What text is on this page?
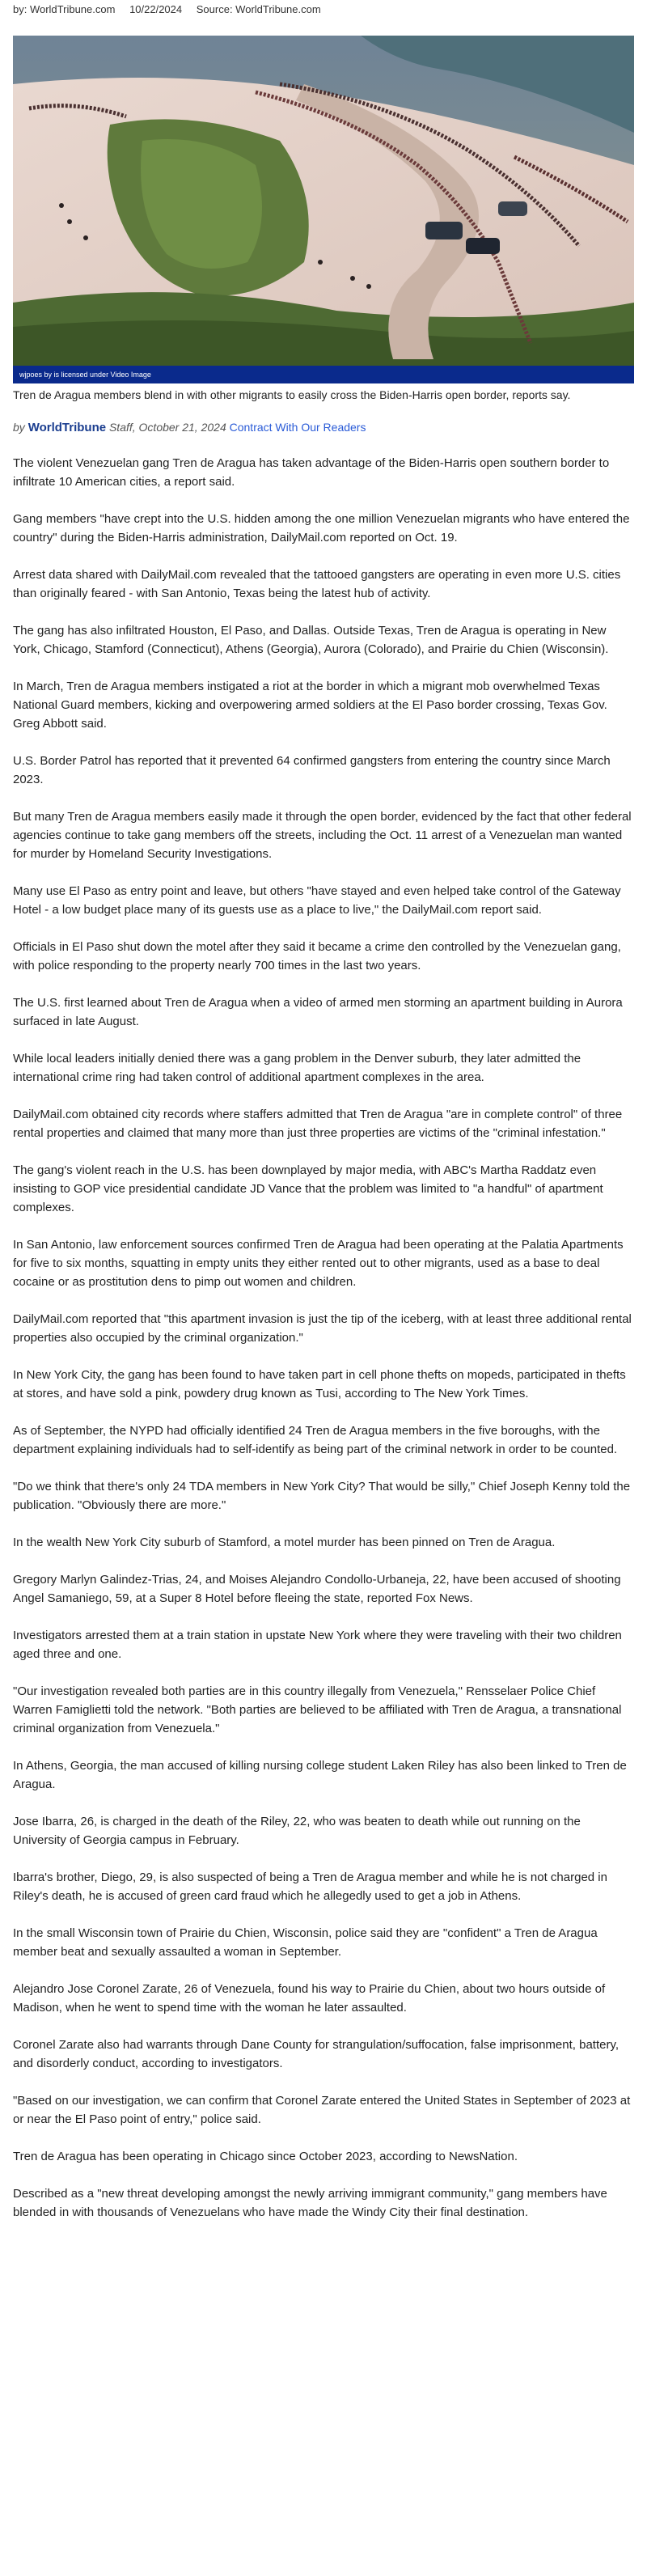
by: WorldTribune.com 10/22/2024 Source: WorldTribune.com
wjpoes by is licensed under Video Image
Tren de Aragua members blend in with other migrants to easily cross the Biden-Harris open border, reports say.
by WorldTribune Staff, October 21, 2024 Contract With Our Readers

The violent Venezuelan gang Tren de Aragua has taken advantage of the Biden-Harris open southern border to infiltrate 10 American cities, a report said.

Gang members "have crept into the U.S. hidden among the one million Venezuelan migrants who have entered the country" during the Biden-Harris administration, DailyMail.com reported on Oct. 19.

Arrest data shared with DailyMail.com revealed that the tattooed gangsters are operating in even more U.S. cities than originally feared - with San Antonio, Texas being the latest hub of activity.

The gang has also infiltrated Houston, El Paso, and Dallas. Outside Texas, Tren de Aragua is operating in New York, Chicago, Stamford (Connecticut), Athens (Georgia), Aurora (Colorado), and Prairie du Chien (Wisconsin).

In March, Tren de Aragua members instigated a riot at the border in which a migrant mob overwhelmed Texas National Guard members, kicking and overpowering armed soldiers at the El Paso border crossing, Texas Gov. Greg Abbott said.

U.S. Border Patrol has reported that it prevented 64 confirmed gangsters from entering the country since March 2023.

But many Tren de Aragua members easily made it through the open border, evidenced by the fact that other federal agencies continue to take gang members off the streets, including the Oct. 11 arrest of a Venezuelan man wanted for murder by Homeland Security Investigations.

Many use El Paso as entry point and leave, but others "have stayed and even helped take control of the Gateway Hotel - a low budget place many of its guests use as a place to live," the DailyMail.com report said.

Officials in El Paso shut down the motel after they said it became a crime den controlled by the Venezuelan gang, with police responding to the property nearly 700 times in the last two years.

The U.S. first learned about Tren de Aragua when a video of armed men storming an apartment building in Aurora surfaced in late August.

While local leaders initially denied there was a gang problem in the Denver suburb, they later admitted the international crime ring had taken control of additional apartment complexes in the area.

DailyMail.com obtained city records where staffers admitted that Tren de Aragua "are in complete control" of three rental properties and claimed that many more than just three properties are victims of the "criminal infestation."

The gang's violent reach in the U.S. has been downplayed by major media, with ABC's Martha Raddatz even insisting to GOP vice presidential candidate JD Vance that the problem was limited to "a handful" of apartment complexes.

In San Antonio, law enforcement sources confirmed Tren de Aragua had been operating at the Palatia Apartments for five to six months, squatting in empty units they either rented out to other migrants, used as a base to deal cocaine or as prostitution dens to pimp out women and children.

DailyMail.com reported that "this apartment invasion is just the tip of the iceberg, with at least three additional rental properties also occupied by the criminal organization."

In New York City, the gang has been found to have taken part in cell phone thefts on mopeds, participated in thefts at stores, and have sold a pink, powdery drug known as Tusi, according to The New York Times.

As of September, the NYPD had officially identified 24 Tren de Aragua members in the five boroughs, with the department explaining individuals had to self-identify as being part of the criminal network in order to be counted.

"Do we think that there's only 24 TDA members in New York City? That would be silly," Chief Joseph Kenny told the publication. "Obviously there are more."

In the wealth New York City suburb of Stamford, a motel murder has been pinned on Tren de Aragua.

Gregory Marlyn Galindez-Trias, 24, and Moises Alejandro Condollo-Urbaneja, 22, have been accused of shooting Angel Samaniego, 59, at a Super 8 Hotel before fleeing the state, reported Fox News.

Investigators arrested them at a train station in upstate New York where they were traveling with their two children aged three and one.

"Our investigation revealed both parties are in this country illegally from Venezuela," Rensselaer Police Chief Warren Famiglietti told the network. "Both parties are believed to be affiliated with Tren de Aragua, a transnational criminal organization from Venezuela."

In Athens, Georgia, the man accused of killing nursing college student Laken Riley has also been linked to Tren de Aragua.

Jose Ibarra, 26, is charged in the death of the Riley, 22, who was beaten to death while out running on the University of Georgia campus in February.

Ibarra's brother, Diego, 29, is also suspected of being a Tren de Aragua member and while he is not charged in Riley's death, he is accused of green card fraud which he allegedly used to get a job in Athens.

In the small Wisconsin town of Prairie du Chien, Wisconsin, police said they are "confident" a Tren de Aragua member beat and sexually assaulted a woman in September.

Alejandro Jose Coronel Zarate, 26 of Venezuela, found his way to Prairie du Chien, about two hours outside of Madison, when he went to spend time with the woman he later assaulted.

Coronel Zarate also had warrants through Dane County for strangulation/suffocation, false imprisonment, battery, and disorderly conduct, according to investigators.

"Based on our investigation, we can confirm that Coronel Zarate entered the United States in September of 2023 at or near the El Paso point of entry," police said.

Tren de Aragua has been operating in Chicago since October 2023, according to NewsNation.

Described as a "new threat developing amongst the newly arriving immigrant community," gang members have blended in with thousands of Venezuelans who have made the Windy City their final destination.
